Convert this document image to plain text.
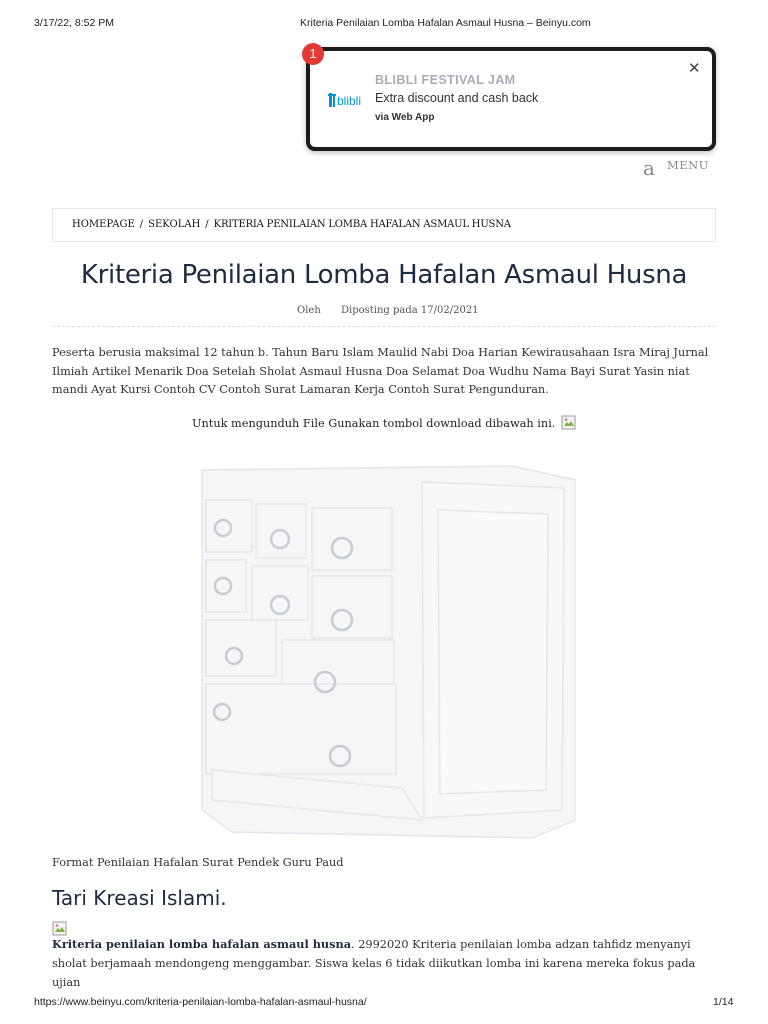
3/17/22, 8:52 PM	Kriteria Penilaian Lomba Hafalan Asmaul Husna – Beinyu.com
1
blibli
BLIBLI FESTIVAL JAM
Extra discount and cash back
via Web App
✕
a MENU
HOMEPAGE / SEKOLAH / KRITERIA PENILAIAN LOMBA HAFALAN ASMAUL HUSNA
Kriteria Penilaian Lomba Hafalan Asmaul Husna
Oleh Diposting pada 17/02/2021
Peserta berusia maksimal 12 tahun b. Tahun Baru Islam Maulid Nabi Doa Harian Kewirausahaan Isra Miraj Jurnal Ilmiah Artikel Menarik Doa Setelah Sholat Asmaul Husna Doa Selamat Doa Wudhu Nama Bayi Surat Yasin niat mandi Ayat Kursi Contoh CV Contoh Surat Lamaran Kerja Contoh Surat Pengunduran.
Untuk mengunduh File Gunakan tombol download dibawah ini.
Format Penilaian Hafalan Surat Pendek Guru Paud
Tari Kreasi Islami.
Kriteria penilaian lomba hafalan asmaul husna. 2992020 Kriteria penilaian lomba adzan tahfidz menyanyi sholat berjamaah mendongeng menggambar. Siswa kelas 6 tidak diikutkan lomba ini karena mereka fokus pada ujian
https://www.beinyu.com/kriteria-penilaian-lomba-hafalan-asmaul-husna/	1/14
